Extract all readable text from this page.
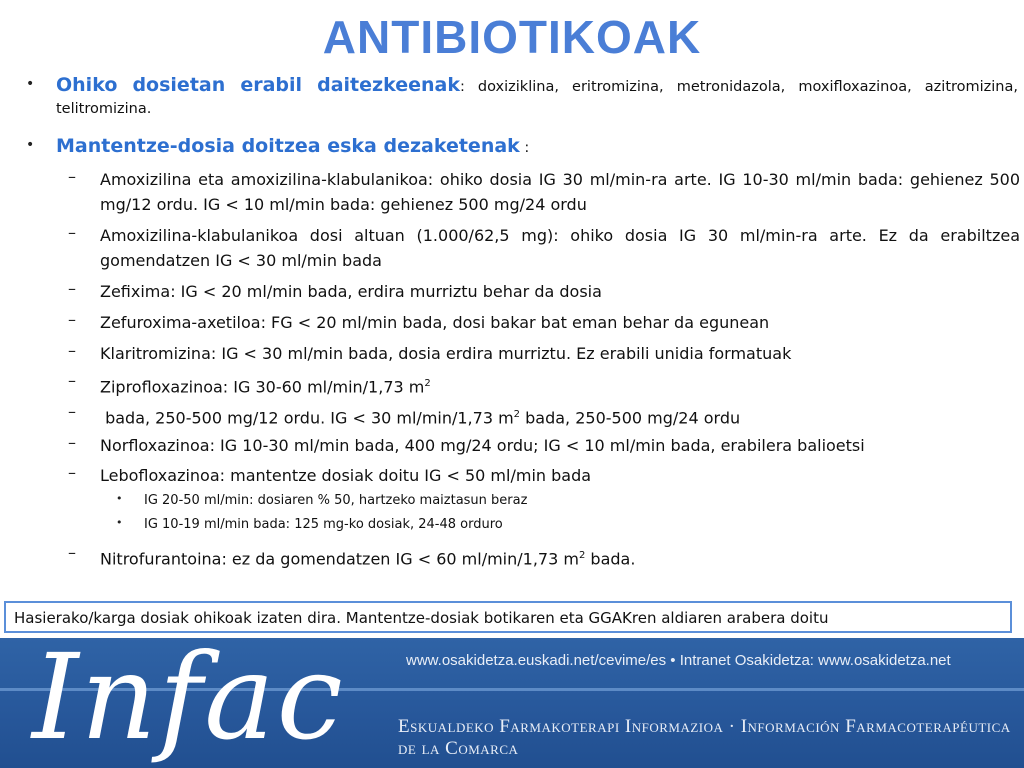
ANTIBIOTIKOAK
• Ohiko dosietan erabil daitezkeenak: doxiziklina, eritromizina, metronidazola, moxifloxazinoa, azitromizina, telitromizina.
• Mantentze-dosia doitzea eska dezaketenak :
– Amoxizilina eta amoxizilina-klabulanikoa: ohiko dosia IG 30 ml/min-ra arte. IG 10-30 ml/min bada: gehienez 500 mg/12 ordu. IG < 10 ml/min bada: gehienez 500 mg/24 ordu
– Amoxizilina-klabulanikoa dosi altuan (1.000/62,5 mg): ohiko dosia IG 30 ml/min-ra arte. Ez da erabiltzea gomendatzen IG < 30 ml/min bada
– Zefixima: IG < 20 ml/min bada, erdira murriztu behar da dosia
– Zefuroxima-axetiloa: FG < 20 ml/min bada, dosi bakar bat eman behar da egunean
– Klaritromizina: IG < 30 ml/min bada, dosia erdira murriztu. Ez erabili unidia formatuak
– Ziprofloxazinoa: IG 30-60 ml/min/1,73 $m^2$
– bada, 250-500 mg/12 ordu. IG < 30 ml/min/1,73 $m^2$ bada, 250-500 mg/24 ordu
– Norfloxazinoa: IG 10-30 ml/min bada, 400 mg/24 ordu; IG < 10 ml/min bada, erabilera balioetsi
– Lebofloxazinoa: mantentze dosiak doitu IG < 50 ml/min bada
• IG 20-50 ml/min: dosiaren % 50, hartzeko maiztasun beraz
• IG 10-19 ml/min bada: 125 mg-ko dosiak, 24-48 orduro
– Nitrofurantoina: ez da gomendatzen IG < 60 ml/min/1,73 $m^2$ bada.
Hasierako/karga dosiak ohikoak izaten dira. Mantentze-dosiak botikaren eta GGAKren aldiaren arabera doitu
Infac	www.osakidetza.euskadi.net/cevime/es • Intranet Osakidetza: www.osakidetza.net
Eskualdeko Farmakoterapi Informazioa · Información Farmacoterapéutica de la Comarca
